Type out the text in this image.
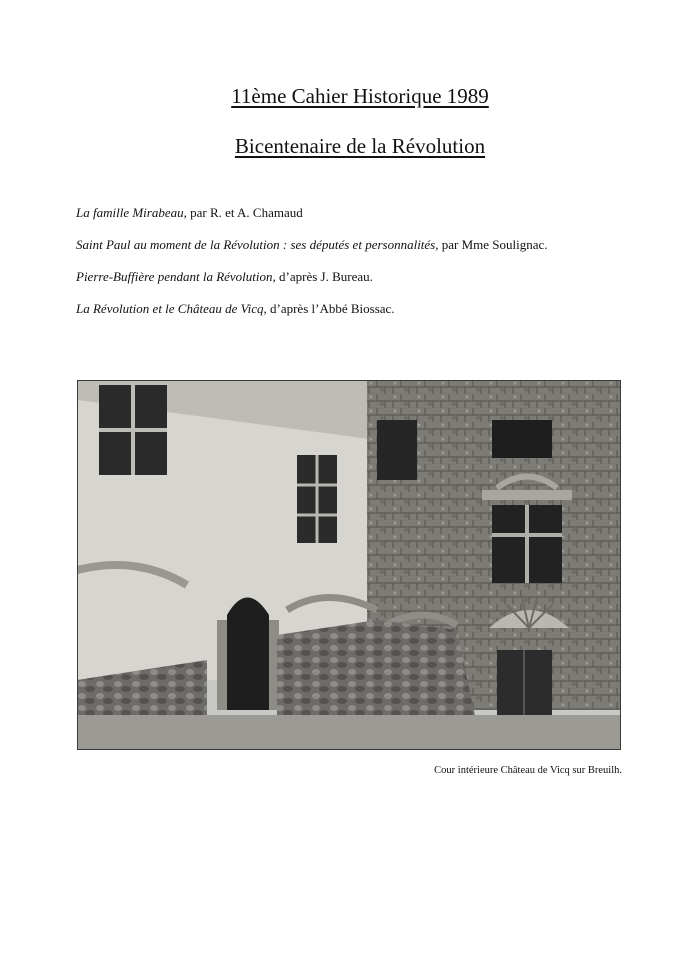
11ème Cahier Historique 1989
Bicentenaire de la Révolution
La famille Mirabeau, par R. et A. Chamaud
Saint Paul au moment de la Révolution : ses députés et personnalités, par Mme Soulignac.
Pierre-Buffière pendant la Révolution, d’après J. Bureau.
La Révolution et le Château de Vicq, d’après l’Abbé Biossac.
Cour intérieure Château de Vicq sur Breuilh.
